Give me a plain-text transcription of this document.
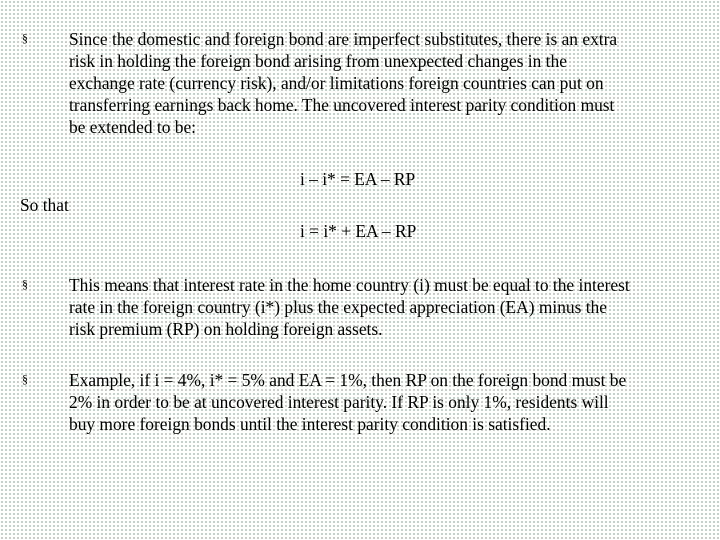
§ Since the domestic and foreign bond are imperfect substitutes, there is an extra
risk in holding the foreign bond arising from unexpected changes in the
exchange rate (currency risk), and/or limitations foreign countries can put on
transferring earnings back home. The uncovered interest parity condition must
be extended to be:
i – i* = EA – RP
So that
i = i* + EA – RP
§ This means that interest rate in the home country (i) must be equal to the interest
rate in the foreign country (i*) plus the expected appreciation (EA) minus the
risk premium (RP) on holding foreign assets.
§ Example, if i = 4%, i* = 5% and EA = 1%, then RP on the foreign bond must be
2% in order to be at uncovered interest parity. If RP is only 1%, residents will
buy more foreign bonds until the interest parity condition is satisfied.
